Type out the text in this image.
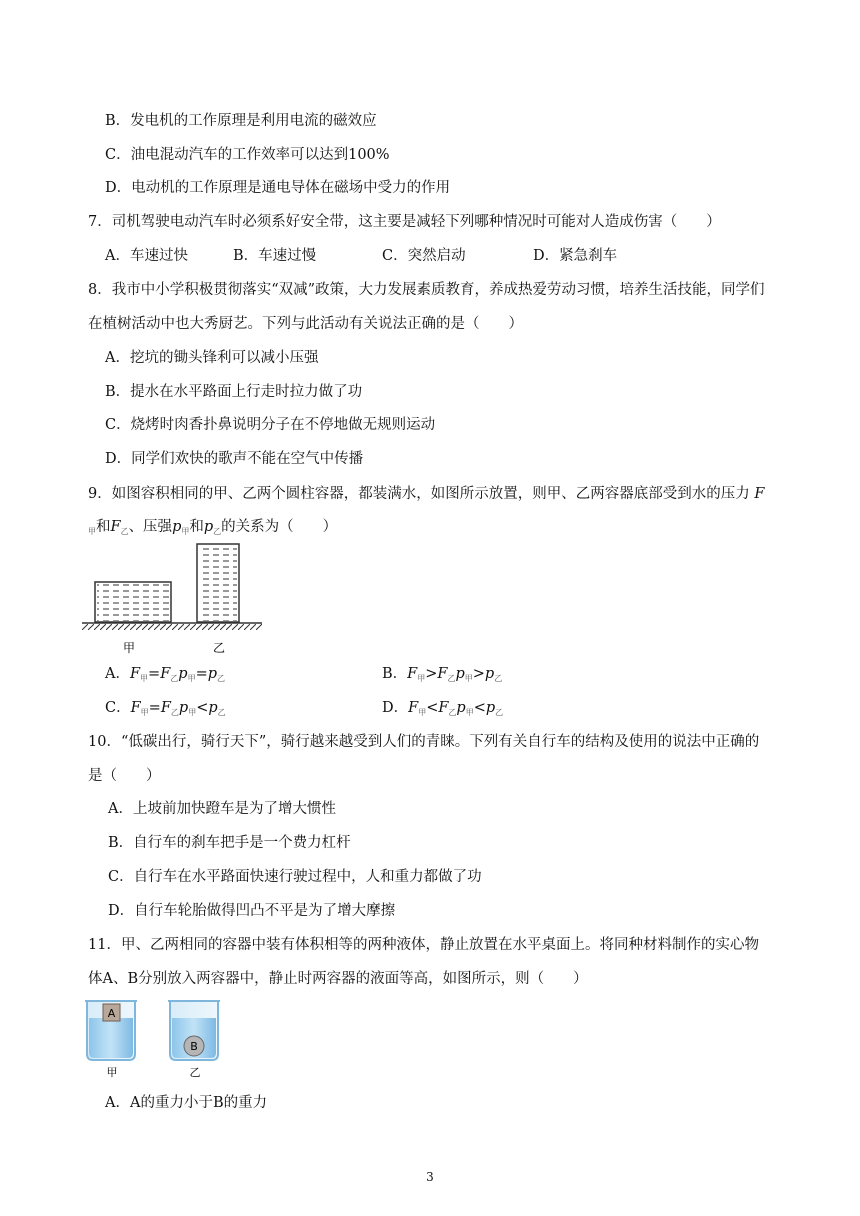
B．发电机的工作原理是利用电流的磁效应
C．油电混动汽车的工作效率可以达到100%
D．电动机的工作原理是通电导体在磁场中受力的作用
7．司机驾驶电动汽车时必须系好安全带，这主要是减轻下列哪种情况时可能对人造成伤害（　　）
A．车速过快	B．车速过慢	C．突然启动	D．紧急刹车
8．我市中小学积极贯彻落实“双减”政策，大力发展素质教育，养成热爱劳动习惯，培养生活技能，同学们
在植树活动中也大秀厨艺。下列与此活动有关说法正确的是（　　）
A．挖坑的锄头锋利可以减小压强
B．提水在水平路面上行走时拉力做了功
C．烧烤时肉香扑鼻说明分子在不停地做无规则运动
D．同学们欢快的歌声不能在空气中传播
9．如图容积相同的甲、乙两个圆柱容器，都装满水，如图所示放置，则甲、乙两容器底部受到水的压力 F
$_甲$和$F_乙$、压强$p_甲$和$p_乙$的关系为（　　）
甲	乙
A．$F_甲=F_乙p_甲=p_乙$	B．$F_甲>F_乙p_甲>p_乙$
C．$F_甲=F_乙p_甲<p_乙$	D．$F_甲<F_乙p_甲<p_乙$
10．“低碳出行，骑行天下”，骑行越来越受到人们的青睐。下列有关自行车的结构及使用的说法中正确的
是（　　）
A．上坡前加快蹬车是为了增大惯性
B．自行车的刹车把手是一个费力杠杆
C．自行车在水平路面快速行驶过程中，人和重力都做了功
D．自行车轮胎做得凹凸不平是为了增大摩擦
11．甲、乙两相同的容器中装有体积相等的两种液体，静止放置在水平桌面上。将同种材料制作的实心物
体A、B分别放入两容器中，静止时两容器的液面等高，如图所示，则（　　）
A
B
甲	乙
A．A的重力小于B的重力
3
